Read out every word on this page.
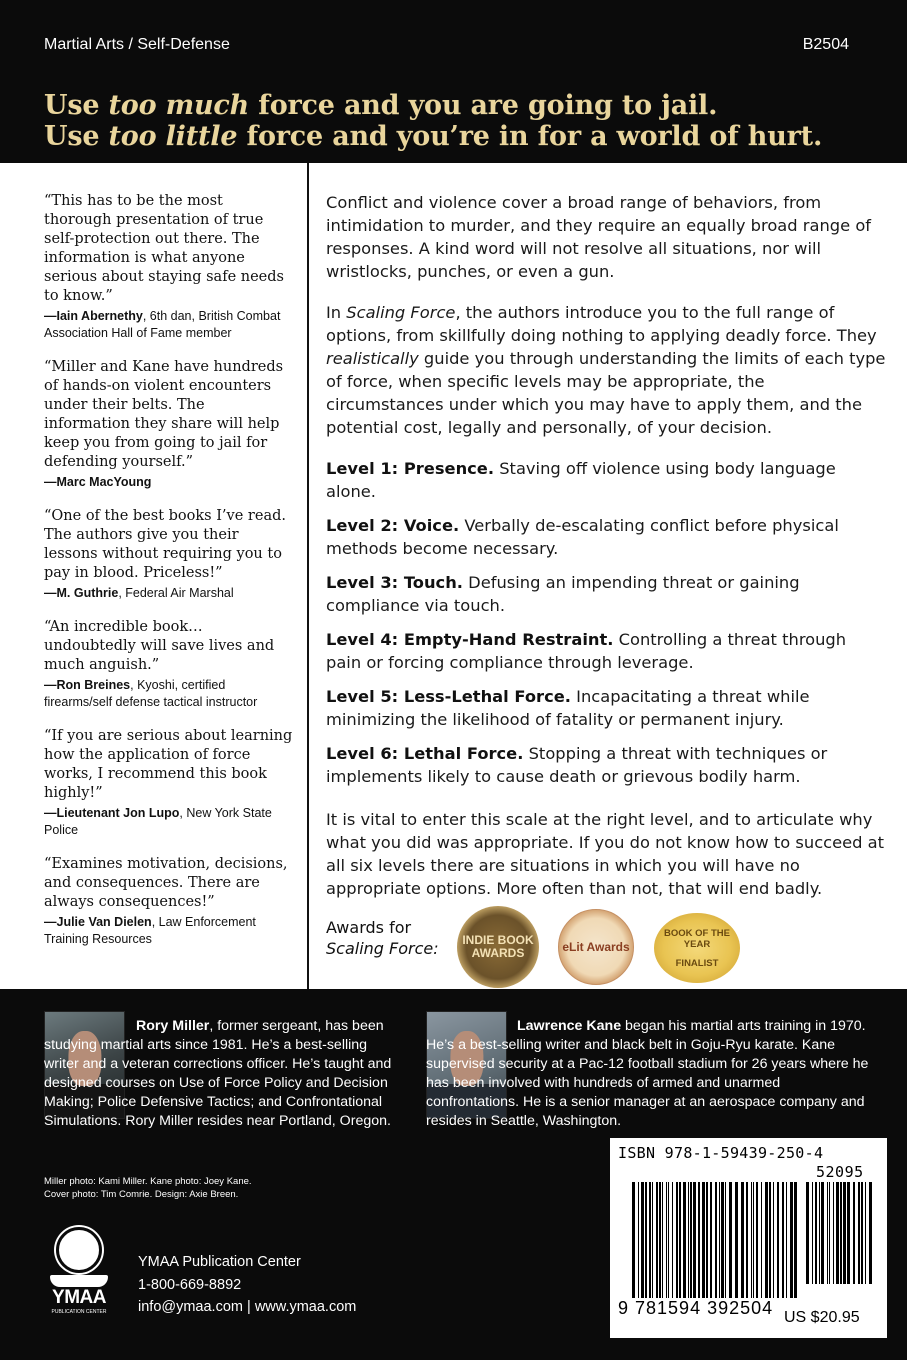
Martial Arts / Self-Defense	B2504
Use too much force and you are going to jail.
Use too little force and you’re in for a world of hurt.
“This has to be the most thorough presentation of true self-protection out there. The information is what anyone serious about staying safe needs to know.”
—Iain Abernethy, 6th dan, British Combat Association Hall of Fame member
“Miller and Kane have hundreds of hands-on violent encounters under their belts. The information they share will help keep you from going to jail for defending yourself.”
—Marc MacYoung
“One of the best books I’ve read. The authors give you their lessons without requiring you to pay in blood. Priceless!”
—M. Guthrie, Federal Air Marshal
“An incredible book… undoubtedly will save lives and much anguish.”
—Ron Breines, Kyoshi, certified firearms/self defense tactical instructor
“If you are serious about learning how the application of force works, I recommend this book highly!”
—Lieutenant Jon Lupo, New York State Police
“Examines motivation, decisions, and consequences. There are always consequences!”
—Julie Van Dielen, Law Enforcement Training Resources

Conflict and violence cover a broad range of behaviors, from intimidation to murder, and they require an equally broad range of responses. A kind word will not resolve all situations, nor will wristlocks, punches, or even a gun.

In Scaling Force, the authors introduce you to the full range of options, from skillfully doing nothing to applying deadly force. They realistically guide you through understanding the limits of each type of force, when specific levels may be appropriate, the circumstances under which you may have to apply them, and the potential cost, legally and personally, of your decision.

Level 1: Presence. Staving off violence using body language alone.
Level 2: Voice. Verbally de-escalating conflict before physical methods become necessary.
Level 3: Touch. Defusing an impending threat or gaining compliance via touch.
Level 4: Empty-Hand Restraint. Controlling a threat through pain or forcing compliance through leverage.
Level 5: Less-Lethal Force. Incapacitating a threat while minimizing the likelihood of fatality or permanent injury.
Level 6: Lethal Force. Stopping a threat with techniques or implements likely to cause death or grievous bodily harm.

It is vital to enter this scale at the right level, and to articulate why what you did was appropriate. If you do not know how to succeed at all six levels there are situations in which you will have no appropriate options. More often than not, that will end badly.

Awards for
Scaling Force:	INDIE BOOK AWARDS	eLit Awards
BOOK OF THE YEAR
FINALIST
Rory Miller, former sergeant, has been studying martial arts since 1981. He’s a best-selling writer and a veteran corrections officer. He’s taught and designed courses on Use of Force Policy and Decision Making; Police Defensive Tactics; and Confrontational Simulations. Rory Miller resides near Portland, Oregon.
Lawrence Kane began his martial arts training in 1970. He’s a best-selling writer and black belt in Goju-Ryu karate. Kane supervised security at a Pac-12 football stadium for 26 years where he has been involved with hundreds of armed and unarmed confrontations. He is a senior manager at an aerospace company and resides in Seattle, Washington.
Miller photo: Kami Miller. Kane photo: Joey Kane.
Cover photo: Tim Comrie. Design: Axie Breen.
YMAA
PUBLICATION CENTER
YMAA Publication Center
1-800-669-8892
info@ymaa.com | www.ymaa.com
ISBN 978-1-59439-250-4
52095
9 781594 392504 US $20.95
